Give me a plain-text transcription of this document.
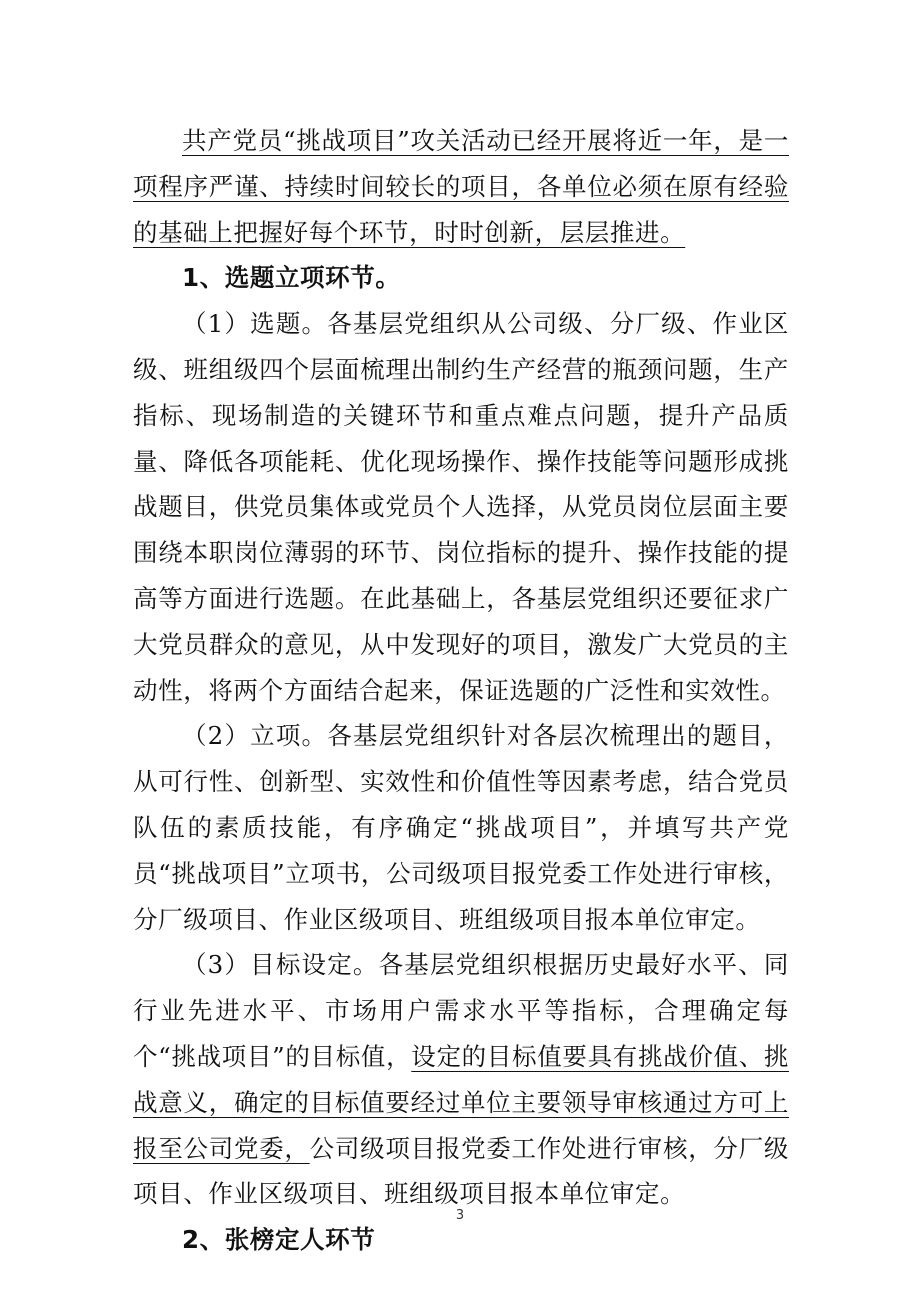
共产党员“挑战项目”攻关活动已经开展将近一年，是一项程序严谨、持续时间较长的项目，各单位必须在原有经验的基础上把握好每个环节，时时创新，层层推进。

1、选题立项环节。

（1）选题。各基层党组织从公司级、分厂级、作业区级、班组级四个层面梳理出制约生产经营的瓶颈问题，生产指标、现场制造的关键环节和重点难点问题，提升产品质量、降低各项能耗、优化现场操作、操作技能等问题形成挑战题目，供党员集体或党员个人选择，从党员岗位层面主要围绕本职岗位薄弱的环节、岗位指标的提升、操作技能的提高等方面进行选题。在此基础上，各基层党组织还要征求广大党员群众的意见，从中发现好的项目，激发广大党员的主动性，将两个方面结合起来，保证选题的广泛性和实效性。

（2）立项。各基层党组织针对各层次梳理出的题目，从可行性、创新型、实效性和价值性等因素考虑，结合党员队伍的素质技能，有序确定“挑战项目”，并填写共产党员“挑战项目”立项书，公司级项目报党委工作处进行审核，分厂级项目、作业区级项目、班组级项目报本单位审定。

（3）目标设定。各基层党组织根据历史最好水平、同行业先进水平、市场用户需求水平等指标，合理确定每个“挑战项目”的目标值，设定的目标值要具有挑战价值、挑战意义，确定的目标值要经过单位主要领导审核通过方可上报至公司党委，公司级项目报党委工作处进行审核，分厂级项目、作业区级项目、班组级项目报本单位审定。

2、张榜定人环节

3
